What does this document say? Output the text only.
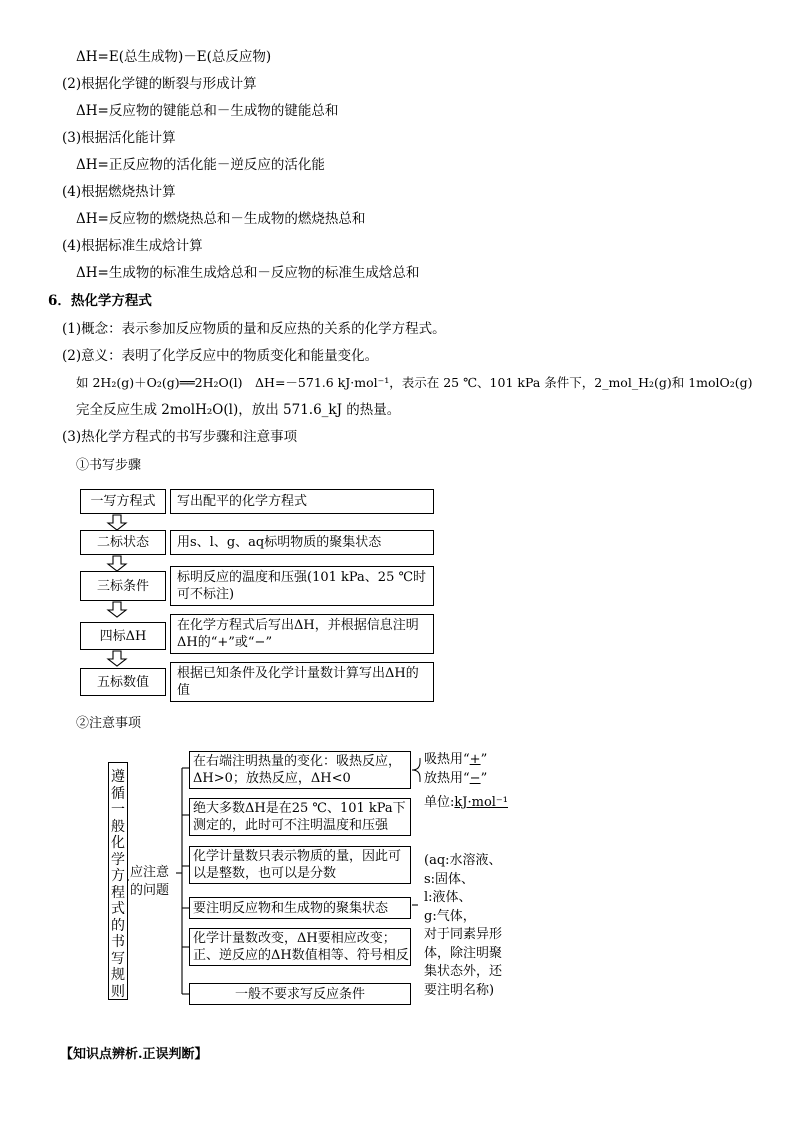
ΔH=E(总生成物)－E(总反应物)
(2)根据化学键的断裂与形成计算
ΔH=反应物的键能总和－生成物的键能总和
(3)根据活化能计算
ΔH=正反应物的活化能－逆反应的活化能
(4)根据燃烧热计算
ΔH=反应物的燃烧热总和－生成物的燃烧热总和
(4)根据标准生成焓计算
ΔH=生成物的标准生成焓总和－反应物的标准生成焓总和
6．热化学方程式
(1)概念：表示参加反应物质的量和反应热的关系的化学方程式。
(2)意义：表明了化学反应中的物质变化和能量变化。
如 2H₂(g)＋O₂(g)══2H₂O(l)　ΔH=－571.6 kJ·mol⁻¹，表示在 25 ℃、101 kPa 条件下，2_mol_H₂(g)和 1molO₂(g)
完全反应生成 2molH₂O(l)，放出 571.6_kJ 的热量。
(3)热化学方程式的书写步骤和注意事项
①书写步骤
一写方程式 写出配平的化学方程式
二标状态 用s、l、g、aq标明物质的聚集状态
三标条件
标明反应的温度和压强(101 kPa、25 ℃时可不标注)
四标ΔH
在化学方程式后写出ΔH，并根据信息注明ΔH的“+”或“−”
五标数值
根据已知条件及化学计量数计算写出ΔH的值
②注意事项
遵循一般化学方程式的书写规则
应注意的问题
在右端注明热量的变化：吸热反应，ΔH>0；放热反应，ΔH<0
绝大多数ΔH是在25 ℃、101 kPa下测定的，此时可不注明温度和压强
化学计量数只表示物质的量，因此可以是整数，也可以是分数
要注明反应物和生成物的聚集状态
化学计量数改变，ΔH要相应改变；正、逆反应的ΔH数值相等、符号相反
一般不要求写反应条件
吸热用“+”
放热用“−”
单位:kJ·mol⁻¹
(aq:水溶液、
s:固体、
l:液体、
g:气体，
对于同素异形
体，除注明聚
集状态外，还
要注明名称)
【知识点辨析.正误判断】
